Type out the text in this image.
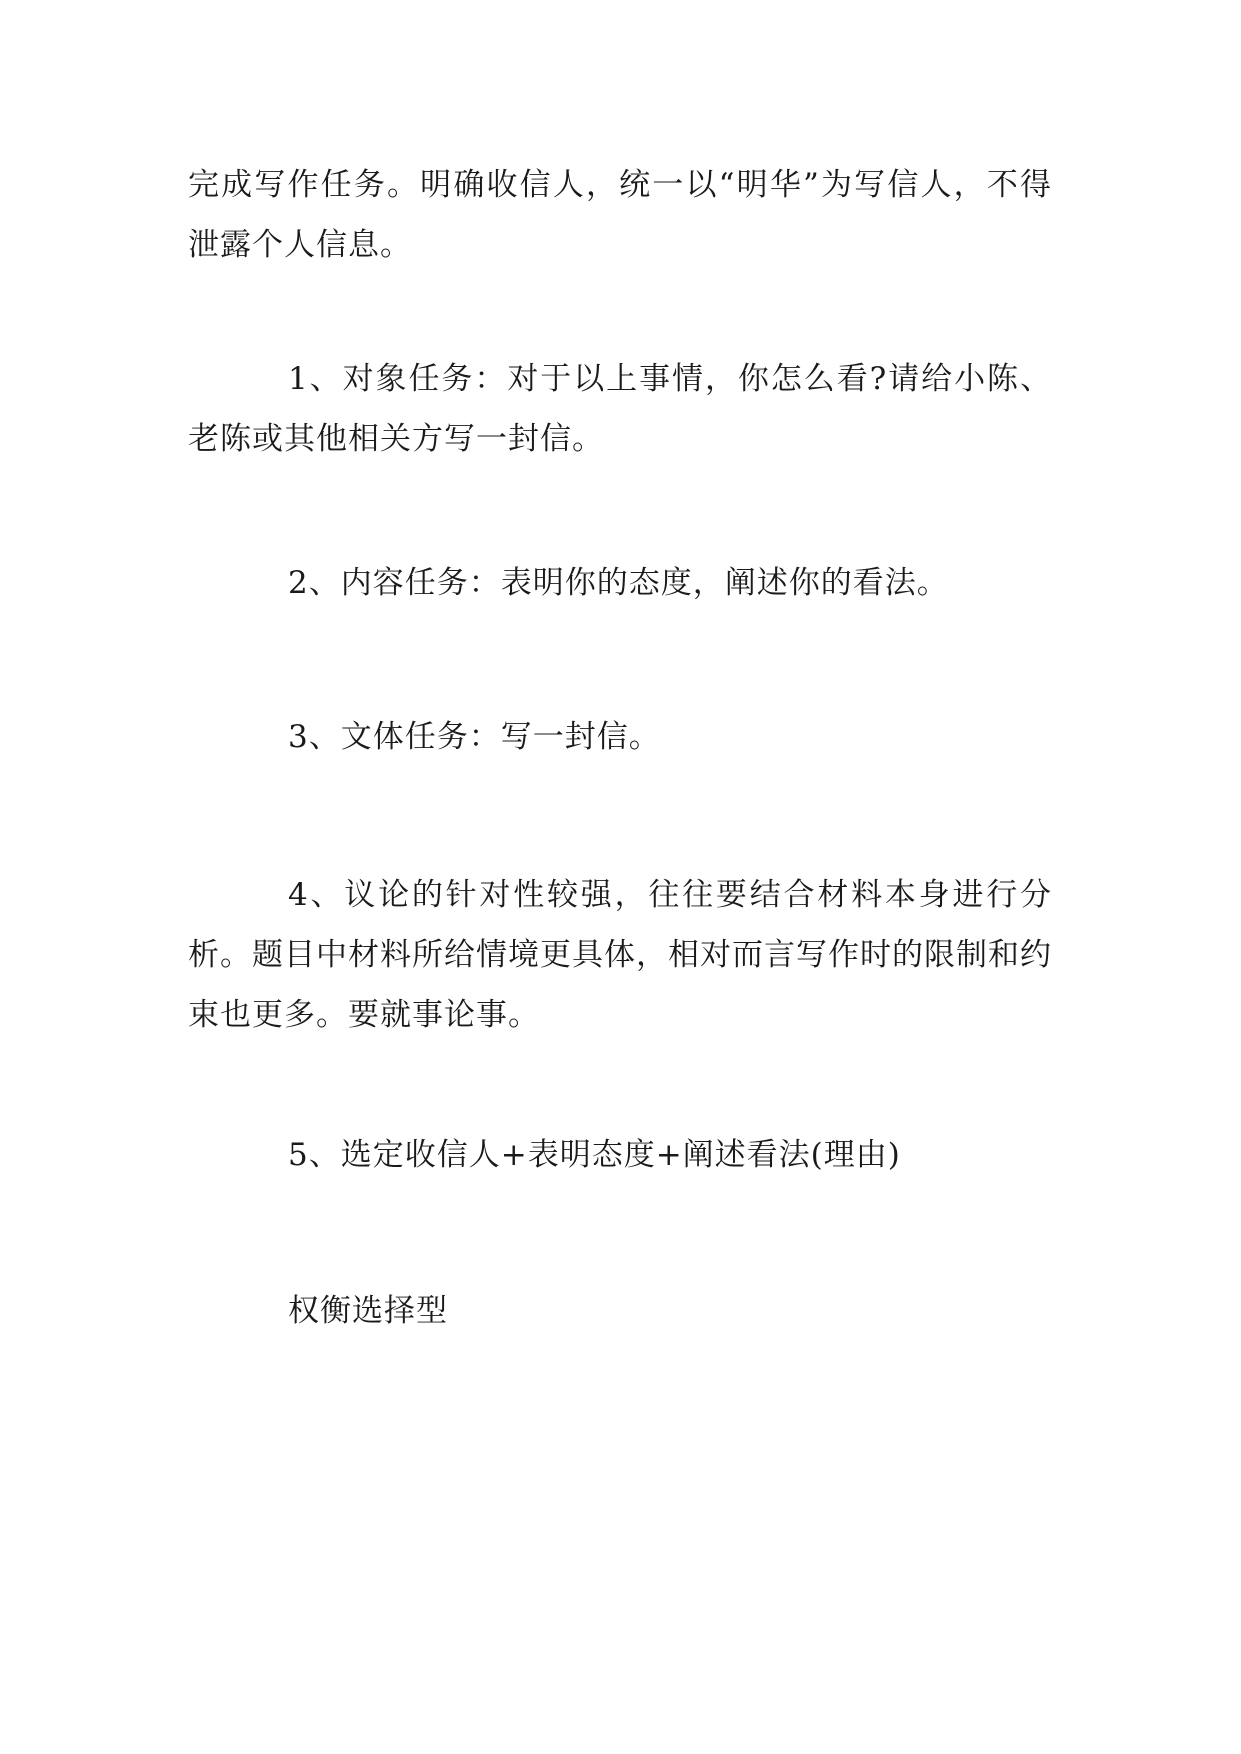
完成写作任务。明确收信人，统一以“明华”为写信人，不得泄露个人信息。

1、对象任务：对于以上事情，你怎么看?请给小陈、老陈或其他相关方写一封信。

2、内容任务：表明你的态度，阐述你的看法。

3、文体任务：写一封信。

4、议论的针对性较强，往往要结合材料本身进行分析。题目中材料所给情境更具体，相对而言写作时的限制和约束也更多。要就事论事。

5、选定收信人+表明态度+阐述看法(理由)

权衡选择型
